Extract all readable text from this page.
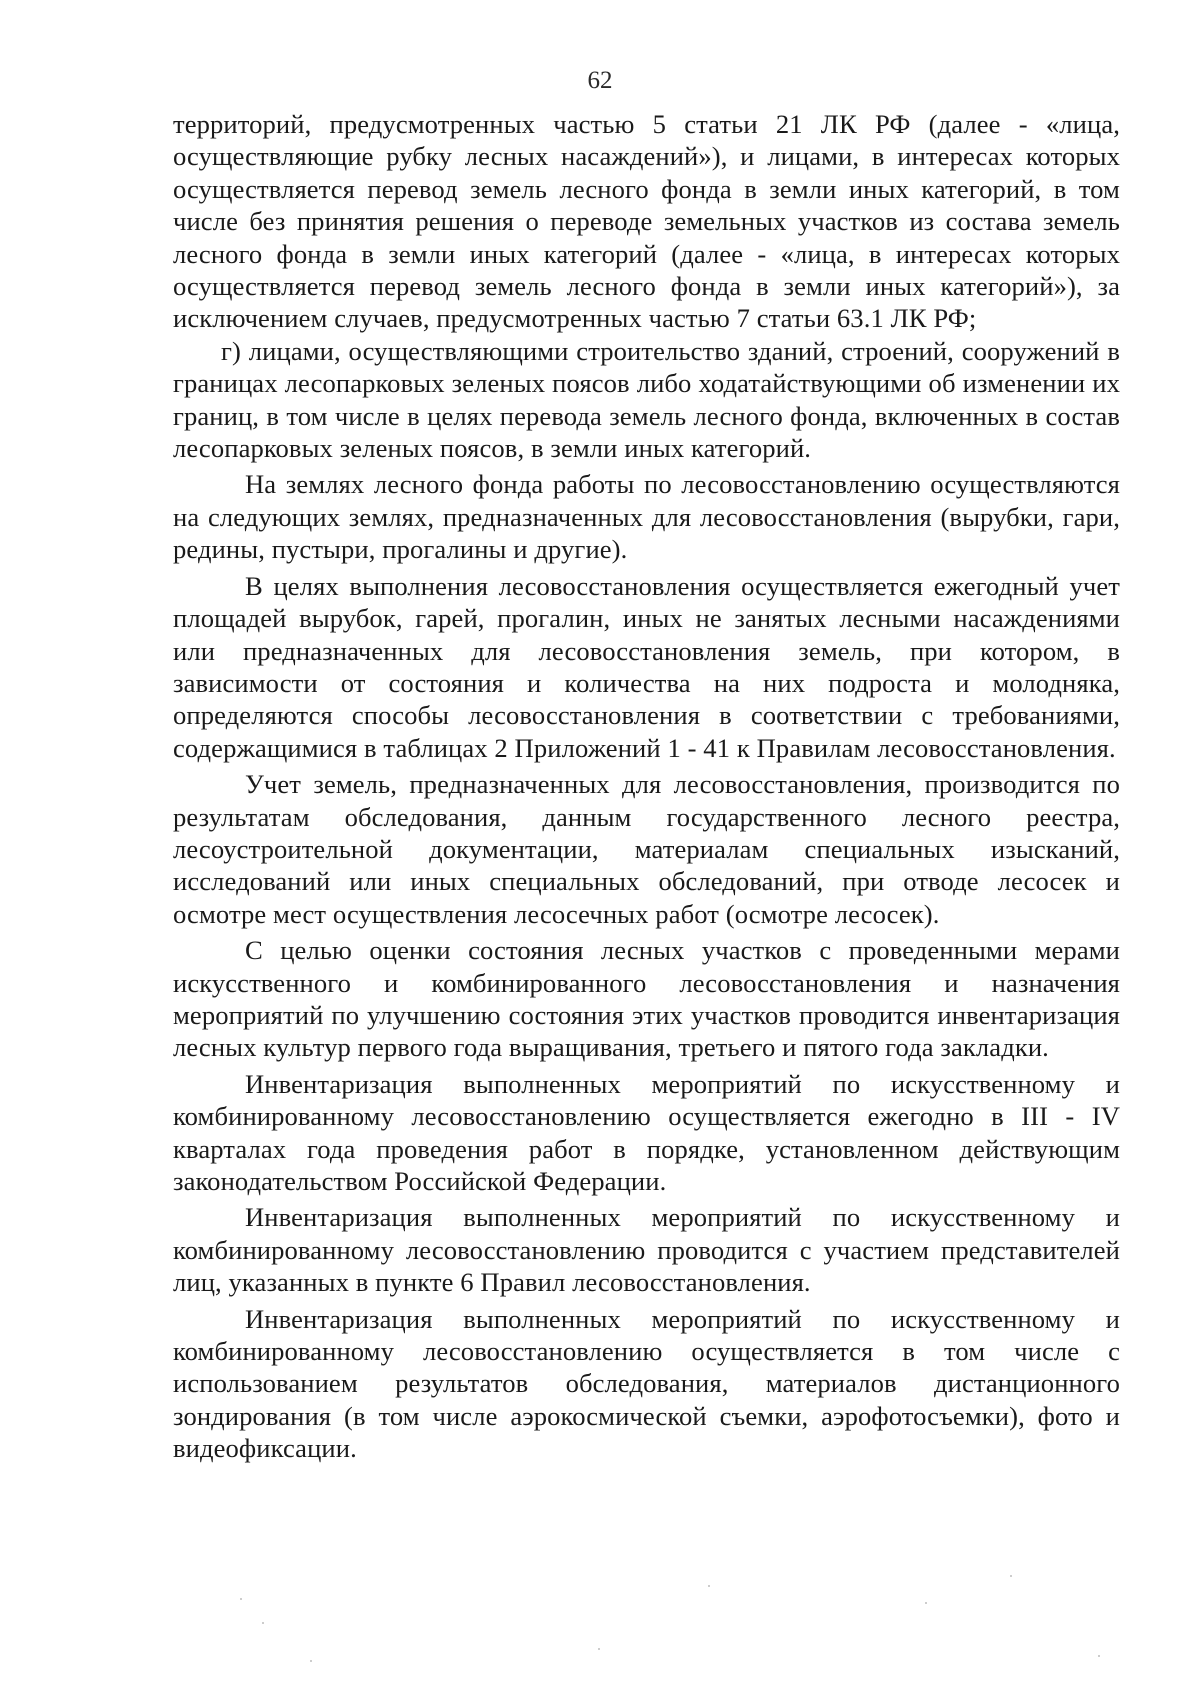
62

территорий, предусмотренных частью 5 статьи 21 ЛК РФ (далее - «лица, осуществляющие рубку лесных насаждений»), и лицами, в интересах которых осуществляется перевод земель лесного фонда в земли иных категорий, в том числе без принятия решения о переводе земельных участков из состава земель лесного фонда в земли иных категорий (далее - «лица, в интересах которых осуществляется перевод земель лесного фонда в земли иных категорий»), за исключением случаев, предусмотренных частью 7 статьи 63.1 ЛК РФ;

г) лицами, осуществляющими строительство зданий, строений, сооружений в границах лесопарковых зеленых поясов либо ходатайствующими об изменении их границ, в том числе в целях перевода земель лесного фонда, включенных в состав лесопарковых зеленых поясов, в земли иных категорий.

На землях лесного фонда работы по лесовосстановлению осуществляются на следующих землях, предназначенных для лесовосстановления (вырубки, гари, редины, пустыри, прогалины и другие).

В целях выполнения лесовосстановления осуществляется ежегодный учет площадей вырубок, гарей, прогалин, иных не занятых лесными насаждениями или предназначенных для лесовосстановления земель, при котором, в зависимости от состояния и количества на них подроста и молодняка, определяются способы лесовосстановления в соответствии с требованиями, содержащимися в таблицах 2 Приложений 1 - 41 к Правилам лесовосстановления.

Учет земель, предназначенных для лесовосстановления, производится по результатам обследования, данным государственного лесного реестра, лесоустроительной документации, материалам специальных изысканий, исследований или иных специальных обследований, при отводе лесосек и осмотре мест осуществления лесосечных работ (осмотре лесосек).

С целью оценки состояния лесных участков с проведенными мерами искусственного и комбинированного лесовосстановления и назначения мероприятий по улучшению состояния этих участков проводится инвентаризация лесных культур первого года выращивания, третьего и пятого года закладки.

Инвентаризация выполненных мероприятий по искусственному и комбинированному лесовосстановлению осуществляется ежегодно в III - IV кварталах года проведения работ в порядке, установленном действующим законодательством Российской Федерации.

Инвентаризация выполненных мероприятий по искусственному и комбинированному лесовосстановлению проводится с участием представителей лиц, указанных в пункте 6 Правил лесовосстановления.

Инвентаризация выполненных мероприятий по искусственному и комбинированному лесовосстановлению осуществляется в том числе с использованием результатов обследования, материалов дистанционного зондирования (в том числе аэрокосмической съемки, аэрофотосъемки), фото и видеофиксации.
